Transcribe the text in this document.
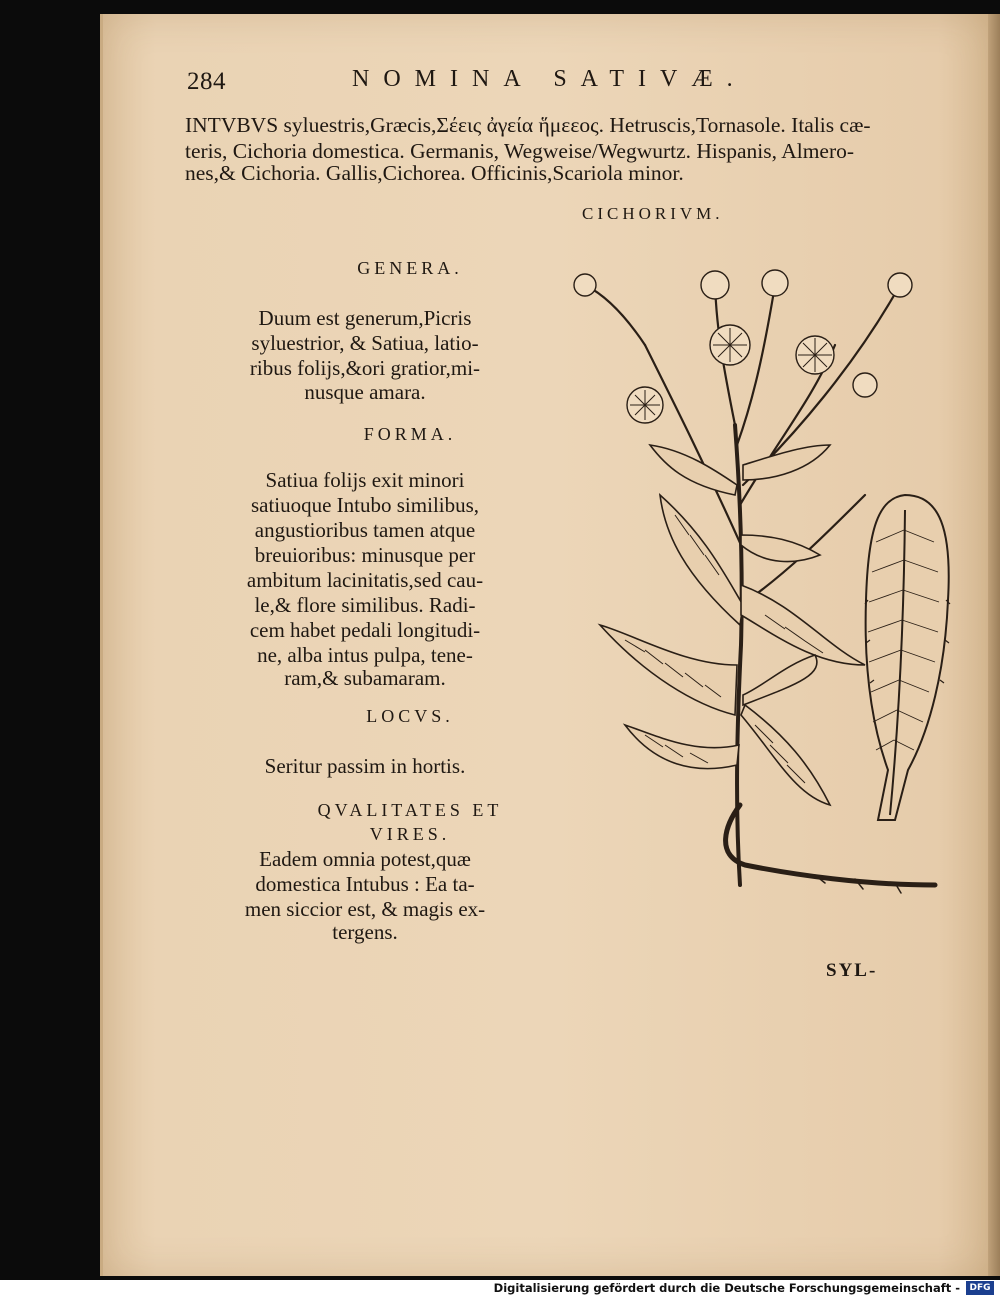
284	NOMINA SATIVÆ.
INTVBVS syluestris,Græcis,Σέεις ἀγεία ἥμεεος. Hetruscis,Tornasole. Italis cæ-
teris, Cichoria domestica. Germanis, Wegweise/Wegwurtz. Hispanis, Almero-
nes,& Cichoria. Gallis,Cichorea. Officinis,Scariola minor.
CICHORIVM.
GENERA.
Duum est generum,Picris
syluestrior, & Satiua, latio-
ribus folijs,&ori gratior,mi-
nusque amara.
FORMA.
Satiua folijs exit minori
satiuoque Intubo similibus,
angustioribus tamen atque
breuioribus: minusque per
ambitum lacinitatis,sed cau-
le,& flore similibus. Radi-
cem habet pedali longitudi-
ne, alba intus pulpa, tene-
ram,& subamaram.
LOCVS.
Seritur passim in hortis.
QVALITATES ET
VIRES.
Eadem omnia potest,quæ
domestica Intubus : Ea ta-
men siccior est, & magis ex-
tergens.
SYL-
Digitalisierung gefördert durch die Deutsche Forschungsgemeinschaft -	DFG
